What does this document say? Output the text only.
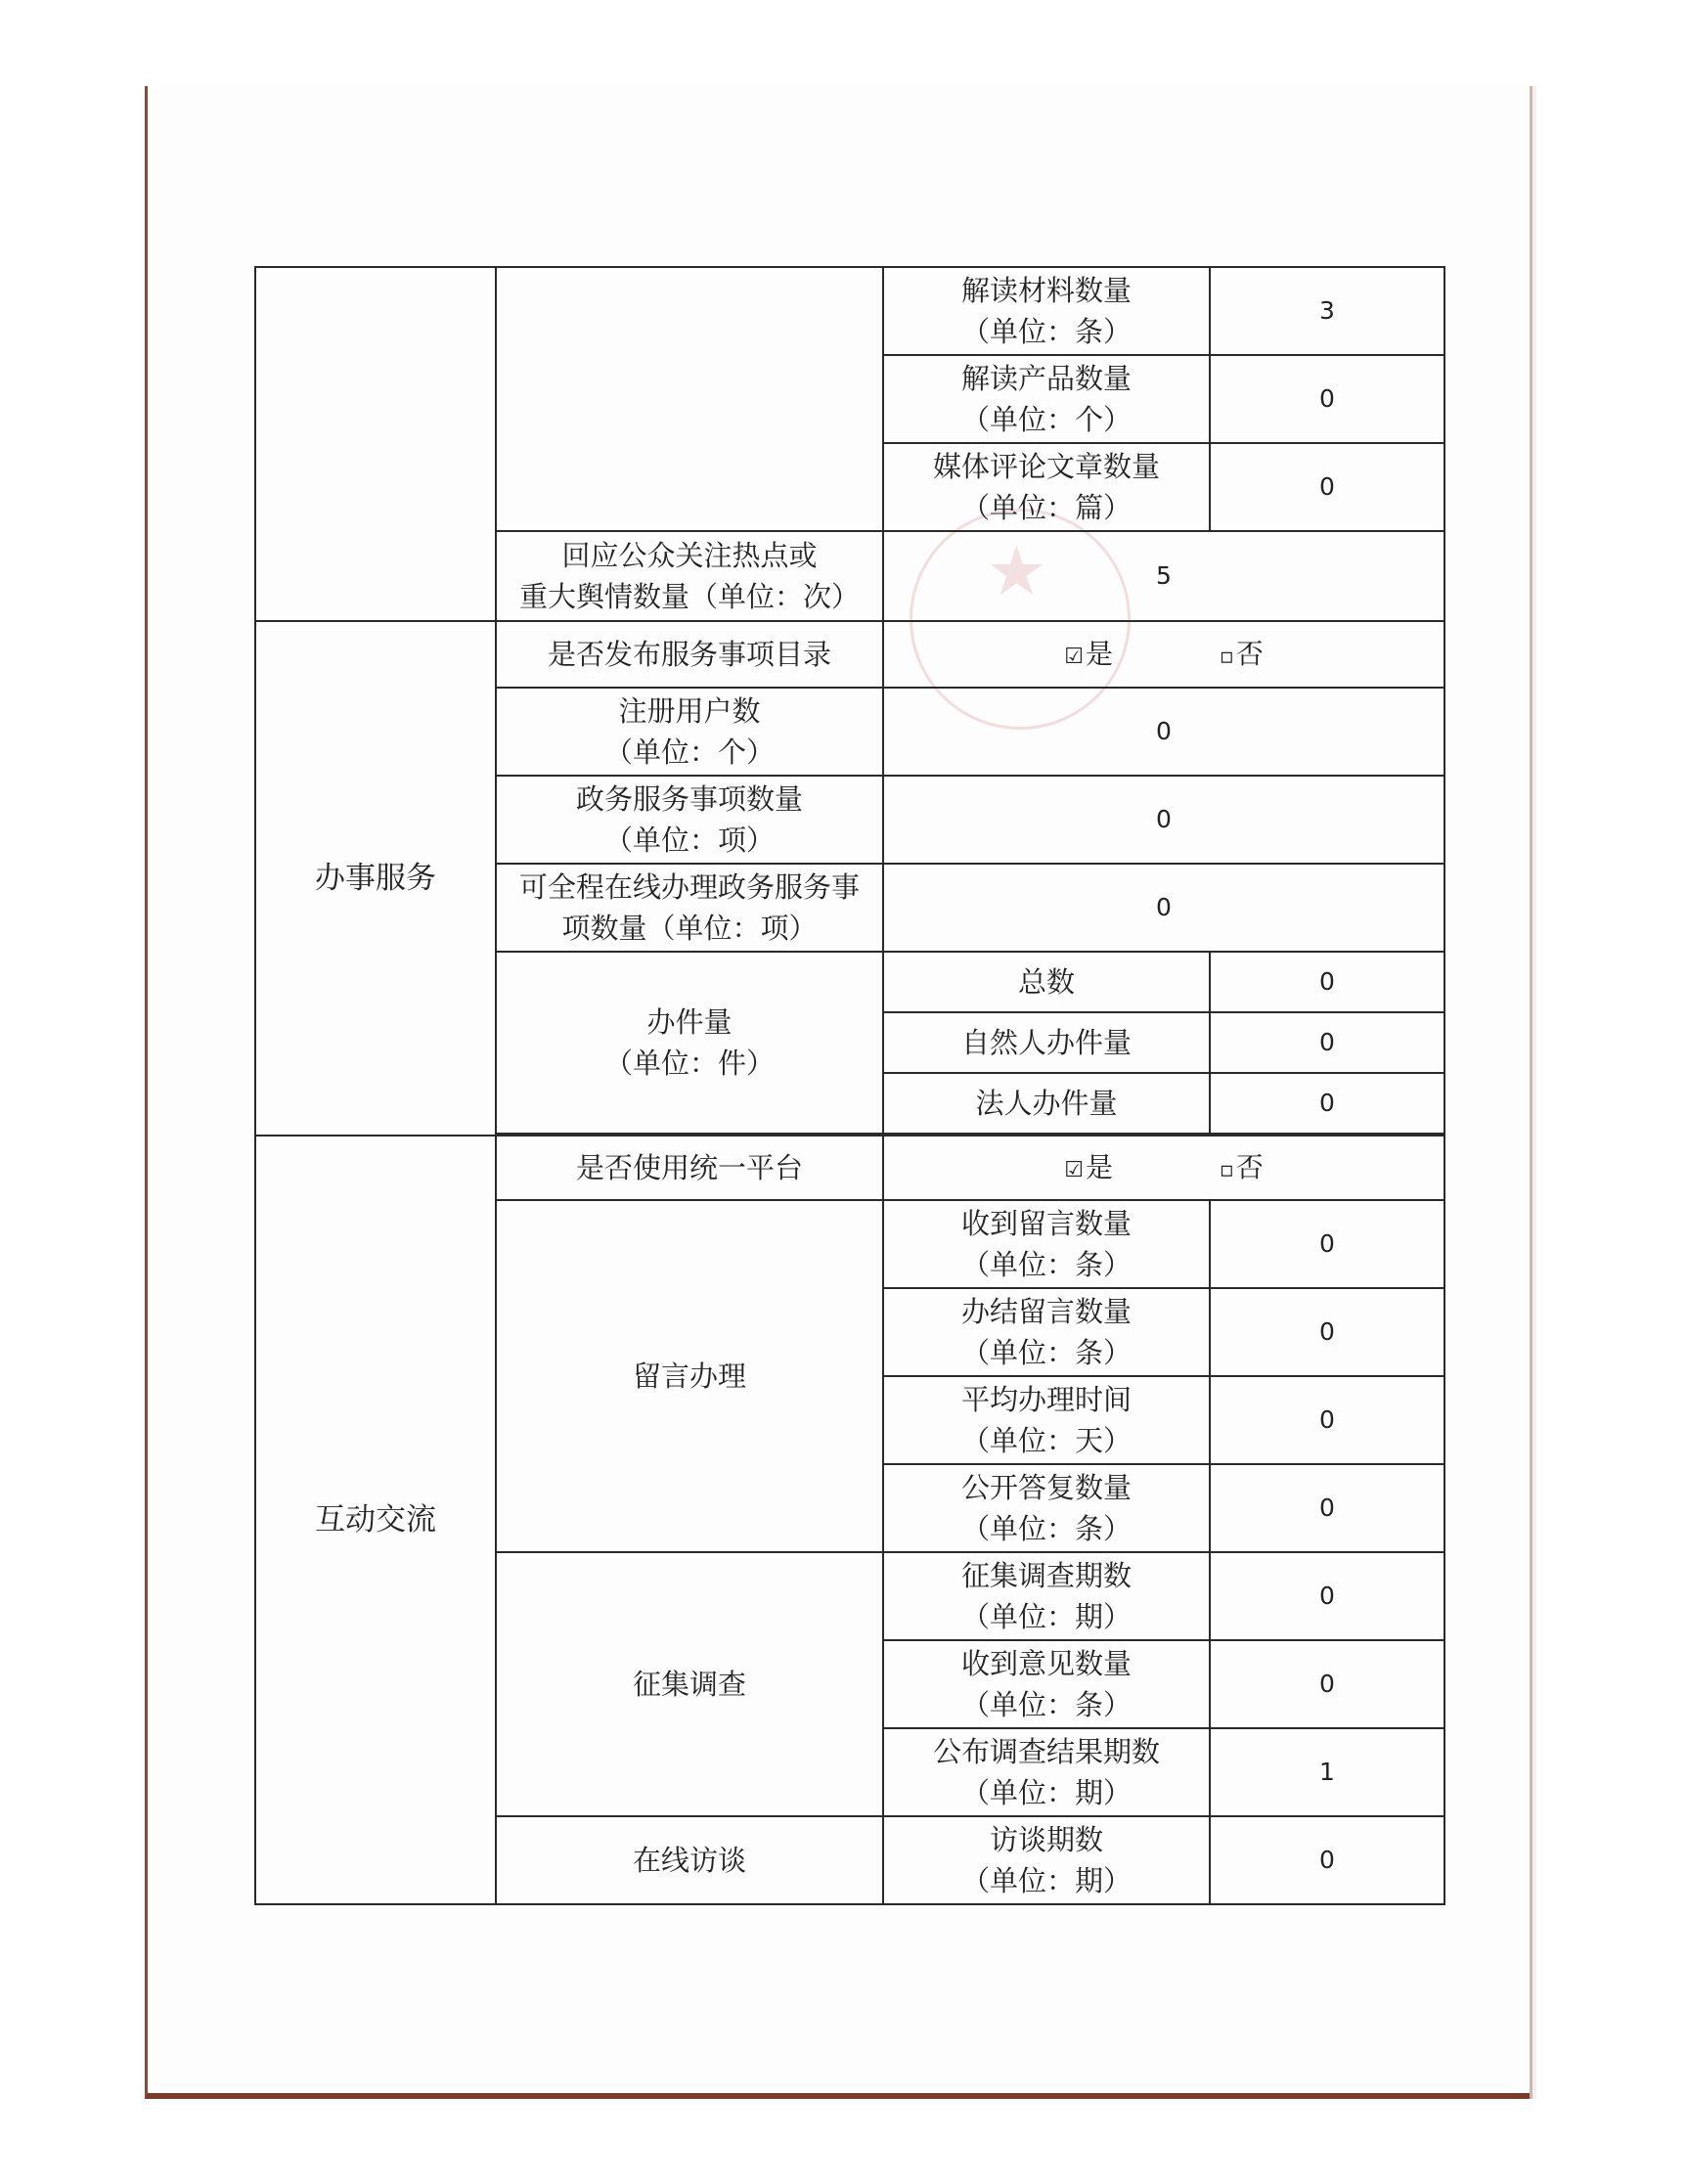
		解读材料数量
（单位：条）	3

		解读产品数量
（单位：个）	0

		媒体评论文章数量
（单位：篇）	0

	回应公众关注热点或
重大舆情数量（单位：次）	5	
办事服务	是否发布服务事项目录	☑是 ▫否	

	注册用户数
（单位：个）	0	

	政务服务事项数量
（单位：项）	0	

	可全程在线办理政务服务事
项数量（单位：项）	0	

	办件量
（单位：件）	总数	0
		自然人办件量	0
		法人办件量	0

互动交流	是否使用统一平台	☑是 ▫否	
	留言办理	收到留言数量
（单位：条）	0

		办结留言数量
（单位：条）	0

		平均办理时间
（单位：天）	0

		公开答复数量
（单位：条）	0
	征集调查	征集调查期数
（单位：期）	0

		收到意见数量
（单位：条）	0

		公布调查结果期数
（单位：期）	1
	在线访谈	访谈期数
（单位：期）	0
